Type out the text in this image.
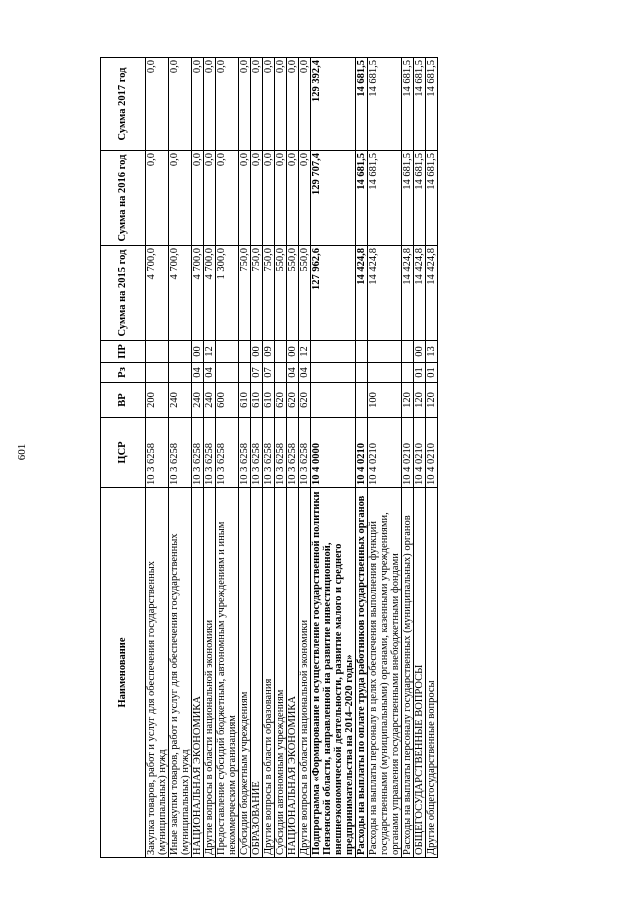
601
Наименование	ЦСР	ВР	Рз	ПР	Сумма на 2015 год	Сумма на 2016 год	Сумма 2017 год
Закупка товаров, работ и услуг для обеспечения государственных (муниципальных) нужд	10 3 6258	200			4 700,0	0,0	0,0
Иные закупки товаров, работ и услуг для обеспечения государственных (муниципальных) нужд	10 3 6258	240			4 700,0	0,0	0,0
НАЦИОНАЛЬНАЯ ЭКОНОМИКА	10 3 6258	240	04	00	4 700,0	0,0	0,0
Другие вопросы в области национальной экономики	10 3 6258	240	04	12	4 700,0	0,0	0,0
Предоставление субсидий бюджетным, автономным учреждениям и иным некоммерческим организациям	10 3 6258	600			1 300,0	0,0	0,0
Субсидии бюджетным учреждениям	10 3 6258	610			750,0	0,0	0,0
ОБРАЗОВАНИЕ	10 3 6258	610	07	00	750,0	0,0	0,0
Другие вопросы в области образования	10 3 6258	610	07	09	750,0	0,0	0,0
Субсидии автономным учреждениям	10 3 6258	620			550,0	0,0	0,0
НАЦИОНАЛЬНАЯ ЭКОНОМИКА	10 3 6258	620	04	00	550,0	0,0	0,0
Другие вопросы в области национальной экономики	10 3 6258	620	04	12	550,0	0,0	0,0
Подпрограмма «Формирование и осуществление государственной политики Пензенской области, направленной на развитие инвестиционной, внешнеэкономической деятельности, развитие малого и среднего предпринимательства на 2014–2020 годы»	10 4 0000				127 962,6	129 707,4	129 392,4
Расходы на выплаты по оплате труда работников государственных органов	10 4 0210				14 424,8	14 681,5	14 681,5
Расходы на выплаты персоналу в целях обеспечения выполнения функций государственными (муниципальными) органами, казенными учреждениями, органами управления государственными внебюджетными фондами	10 4 0210	100			14 424,8	14 681,5	14 681,5
Расходы на выплаты персоналу государственных (муниципальных) органов	10 4 0210	120			14 424,8	14 681,5	14 681,5
ОБЩЕГОСУДАРСТВЕННЫЕ ВОПРОСЫ	10 4 0210	120	01	00	14 424,8	14 681,5	14 681,5
Другие общегосударственные вопросы	10 4 0210	120	01	13	14 424,8	14 681,5	14 681,5
